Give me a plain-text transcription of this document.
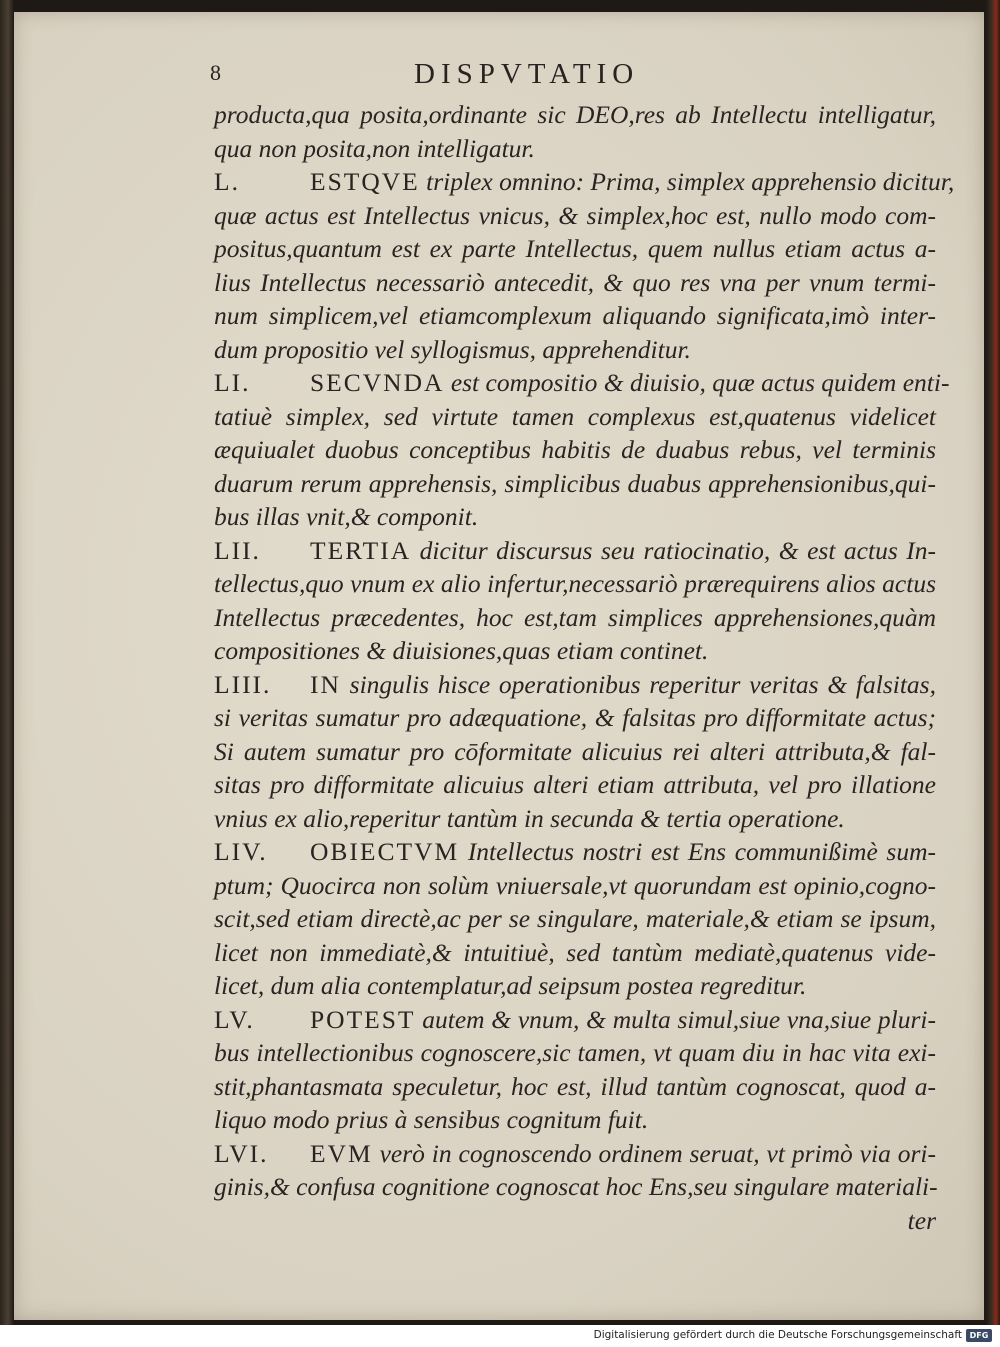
8	DISPVTATIO
producta,qua posita,ordinante sic DEO,res ab Intellectu intelligatur,
qua non posita,non intelligatur.
L.	ESTQVE triplex omnino: Prima, simplex apprehensio dicitur,
quæ actus est Intellectus vnicus, & simplex,hoc est, nullo modo com-
positus,quantum est ex parte Intellectus, quem nullus etiam actus a-
lius Intellectus necessariò antecedit, & quo res vna per vnum termi-
num simplicem,vel etiamcomplexum aliquando significata,imò inter-
dum propositio vel syllogismus, apprehenditur.
LI. SECVNDA est compositio & diuisio, quæ actus quidem enti-
tatiuè simplex, sed virtute tamen complexus est,quatenus videlicet
æquiualet duobus conceptibus habitis de duabus rebus, vel terminis
duarum rerum apprehensis, simplicibus duabus apprehensionibus,qui-
bus illas vnit,& componit.
LII. TERTIA dicitur discursus seu ratiocinatio, & est actus In-
tellectus,quo vnum ex alio infertur,necessariò prærequirens alios actus
Intellectus præcedentes, hoc est,tam simplices apprehensiones,quàm
compositiones & diuisiones,quas etiam continet.
LIII. IN singulis hisce operationibus reperitur veritas & falsitas,
si veritas sumatur pro adæquatione, & falsitas pro difformitate actus;
Si autem sumatur pro cōformitate alicuius rei alteri attributa,& fal-
sitas pro difformitate alicuius alteri etiam attributa, vel pro illatione
vnius ex alio,reperitur tantùm in secunda & tertia operatione.
LIV. OBIECTVM Intellectus nostri est Ens communißimè sum-
ptum; Quocirca non solùm vniuersale,vt quorundam est opinio,cogno-
scit,sed etiam directè,ac per se singulare, materiale,& etiam se ipsum,
licet non immediatè,& intuitiuè, sed tantùm mediatè,quatenus vide-
licet, dum alia contemplatur,ad seipsum postea regreditur.
LV. POTEST autem & vnum, & multa simul,siue vna,siue pluri-
bus intellectionibus cognoscere,sic tamen, vt quam diu in hac vita exi-
stit,phantasmata speculetur, hoc est, illud tantùm cognoscat, quod a-
liquo modo prius à sensibus cognitum fuit.
LVI. EVM verò in cognoscendo ordinem seruat, vt primò via ori-
ginis,& confusa cognitione cognoscat hoc Ens,seu singulare materiali-
ter
Digitalisierung gefördert durch die Deutsche Forschungsgemeinschaft DFG
